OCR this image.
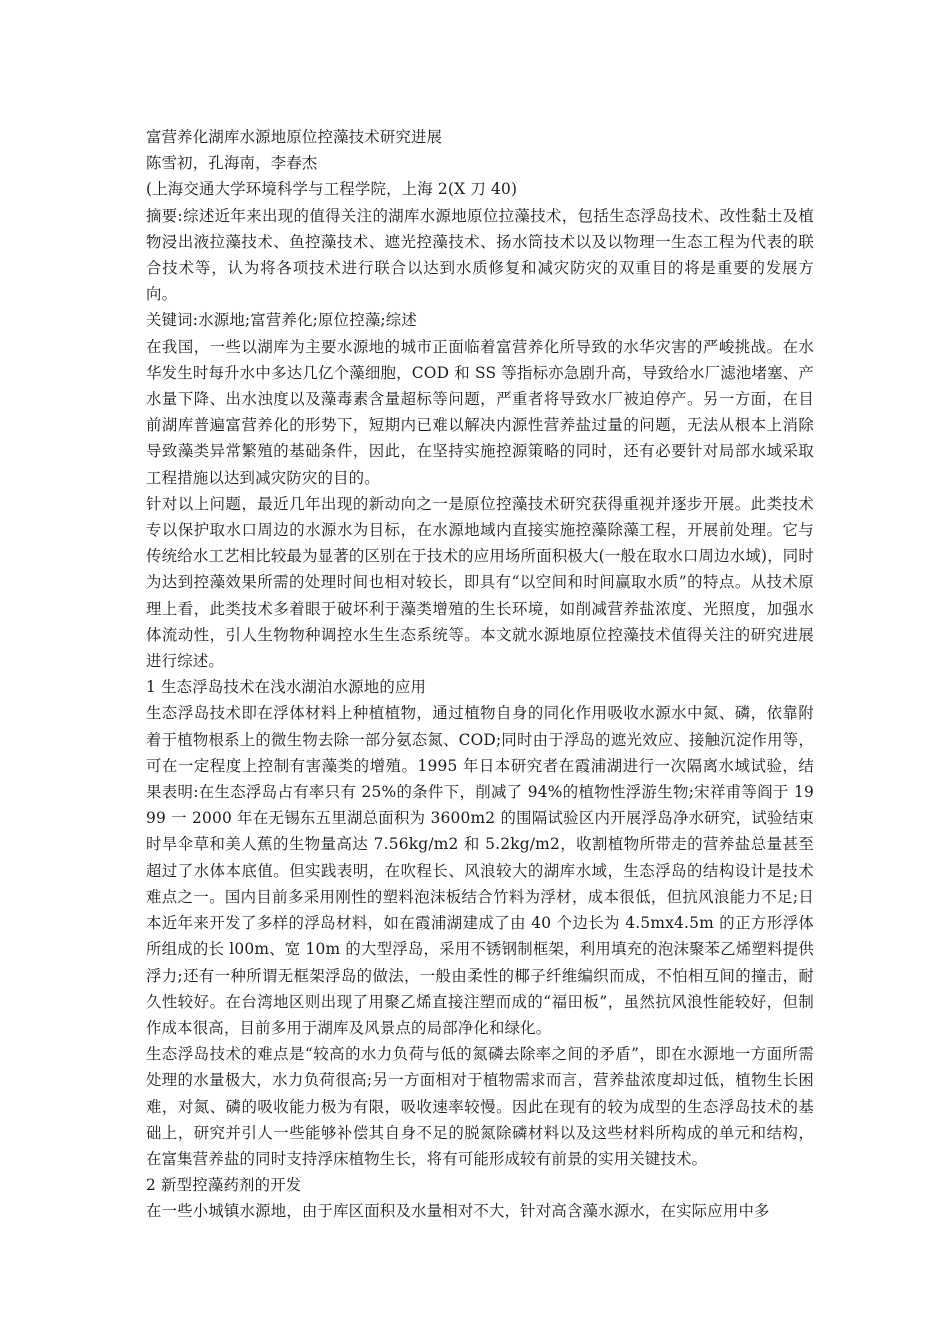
富营养化湖库水源地原位控藻技术研究进展

陈雪初，孔海南，李春杰

(上海交通大学环境科学与工程学院，上海 2(X 刀 40)

摘要:综述近年来出现的值得关注的湖库水源地原位拉藻技术，包括生态浮岛技术、改性黏土及植物浸出液拉藻技术、鱼控藻技术、遮光控藻技术、扬水筒技术以及以物理一生态工程为代表的联合技术等，认为将各项技术进行联合以达到水质修复和减灾防灾的双重目的将是重要的发展方向。

关键词:水源地;富营养化;原位控藻;综述

在我国，一些以湖库为主要水源地的城市正面临着富营养化所导致的水华灾害的严峻挑战。在水华发生时每升水中多达几亿个藻细胞，COD 和 SS 等指标亦急剧升高，导致给水厂滤池堵塞、产水量下降、出水浊度以及藻毒素含量超标等问题，严重者将导致水厂被迫停产。另一方面，在目前湖库普遍富营养化的形势下，短期内已难以解决内源性营养盐过量的问题，无法从根本上消除导致藻类异常繁殖的基础条件，因此，在坚持实施控源策略的同时，还有必要针对局部水域采取工程措施以达到减灾防灾的目的。

针对以上问题，最近几年出现的新动向之一是原位控藻技术研究获得重视并逐步开展。此类技术专以保护取水口周边的水源水为目标，在水源地域内直接实施控藻除藻工程，开展前处理。它与传统给水工艺相比较最为显著的区别在于技术的应用场所面积极大(一般在取水口周边水域)，同时为达到控藻效果所需的处理时间也相对较长，即具有“以空间和时间赢取水质”的特点。从技术原理上看，此类技术多着眼于破坏利于藻类增殖的生长环境，如削减营养盐浓度、光照度，加强水体流动性，引人生物物种调控水生生态系统等。本文就水源地原位控藻技术值得关注的研究进展进行综述。

1 生态浮岛技术在浅水湖泊水源地的应用

生态浮岛技术即在浮体材料上种植植物，通过植物自身的同化作用吸收水源水中氮、磷，依靠附着于植物根系上的微生物去除一部分氨态氮、COD;同时由于浮岛的遮光效应、接触沉淀作用等，可在一定程度上控制有害藻类的增殖。1995 年日本研究者在霞浦湖进行一次隔离水域试验，结果表明:在生态浮岛占有率只有 25%的条件下，削减了 94%的植物性浮游生物;宋祥甫等阎于 1999 一 2000 年在无锡东五里湖总面积为 3600m2 的围隔试验区内开展浮岛净水研究，试验结束时旱伞草和美人蕉的生物量高达 7.56kg/m2 和 5.2kg/m2，收割植物所带走的营养盐总量甚至超过了水体本底值。但实践表明，在吹程长、风浪较大的湖库水域，生态浮岛的结构设计是技术难点之一。国内目前多采用刚性的塑料泡沫板结合竹料为浮材，成本很低，但抗风浪能力不足;日本近年来开发了多样的浮岛材料，如在霞浦湖建成了由 40 个边长为 4.5mx4.5m 的正方形浮体所组成的长 l00m、宽 10m 的大型浮岛，采用不锈钢制框架，利用填充的泡沫聚苯乙烯塑料提供浮力;还有一种所谓无框架浮岛的做法，一般由柔性的椰子纤维编织而成，不怕相互间的撞击，耐久性较好。在台湾地区则出现了用聚乙烯直接注塑而成的“福田板”，虽然抗风浪性能较好，但制作成本很高，目前多用于湖库及风景点的局部净化和绿化。

生态浮岛技术的难点是“较高的水力负荷与低的氮磷去除率之间的矛盾”，即在水源地一方面所需处理的水量极大，水力负荷很高;另一方面相对于植物需求而言，营养盐浓度却过低，植物生长困难，对氮、磷的吸收能力极为有限，吸收速率较慢。因此在现有的较为成型的生态浮岛技术的基础上，研究并引人一些能够补偿其自身不足的脱氮除磷材料以及这些材料所构成的单元和结构，在富集营养盐的同时支持浮床植物生长，将有可能形成较有前景的实用关键技术。

2 新型控藻药剂的开发

在一些小城镇水源地，由于库区面积及水量相对不大，针对高含藻水源水，在实际应用中多
